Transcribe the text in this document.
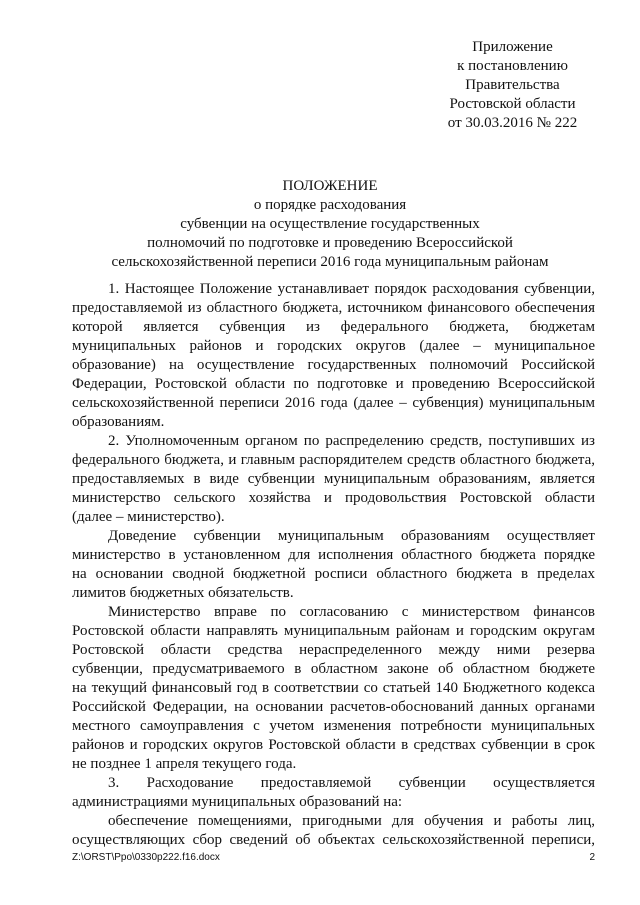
Приложение
к постановлению
Правительства
Ростовской области
от 30.03.2016 № 222
ПОЛОЖЕНИЕ
о порядке расходования
субвенции на осуществление государственных
полномочий по подготовке и проведению Всероссийской
сельскохозяйственной переписи 2016 года муниципальным районам
1. Настоящее Положение устанавливает порядок расходования субвенции,
предоставляемой из областного бюджета, источником финансового обеспечения
которой является субвенция из федерального бюджета, бюджетам
муниципальных районов и городских округов (далее – муниципальное
образование) на осуществление государственных полномочий Российской
Федерации, Ростовской области по подготовке и проведению Всероссийской
сельскохозяйственной переписи 2016 года (далее – субвенция) муниципальным
образованиям.
2. Уполномоченным органом по распределению средств, поступивших из
федерального бюджета, и главным распорядителем средств областного бюджета,
предоставляемых в виде субвенции муниципальным образованиям, является
министерство сельского хозяйства и продовольствия Ростовской области
(далее – министерство).
Доведение субвенции муниципальным образованиям осуществляет
министерство в установленном для исполнения областного бюджета порядке
на основании сводной бюджетной росписи областного бюджета в пределах
лимитов бюджетных обязательств.
Министерство вправе по согласованию с министерством финансов
Ростовской области направлять муниципальным районам и городским округам
Ростовской области средства нераспределенного между ними резерва
субвенции, предусматриваемого в областном законе об областном бюджете
на текущий финансовый год в соответствии со статьей 140 Бюджетного кодекса
Российской Федерации, на основании расчетов-обоснований данных органами
местного самоуправления с учетом изменения потребности муниципальных
районов и городских округов Ростовской области в средствах субвенции в срок
не позднее 1 апреля текущего года.
3. Расходование предоставляемой субвенции осуществляется
администрациями муниципальных образований на:
обеспечение помещениями, пригодными для обучения и работы лиц,
осуществляющих сбор сведений об объектах сельскохозяйственной переписи,
Z:\ORST\Ppo\0330p222.f16.docx	2
